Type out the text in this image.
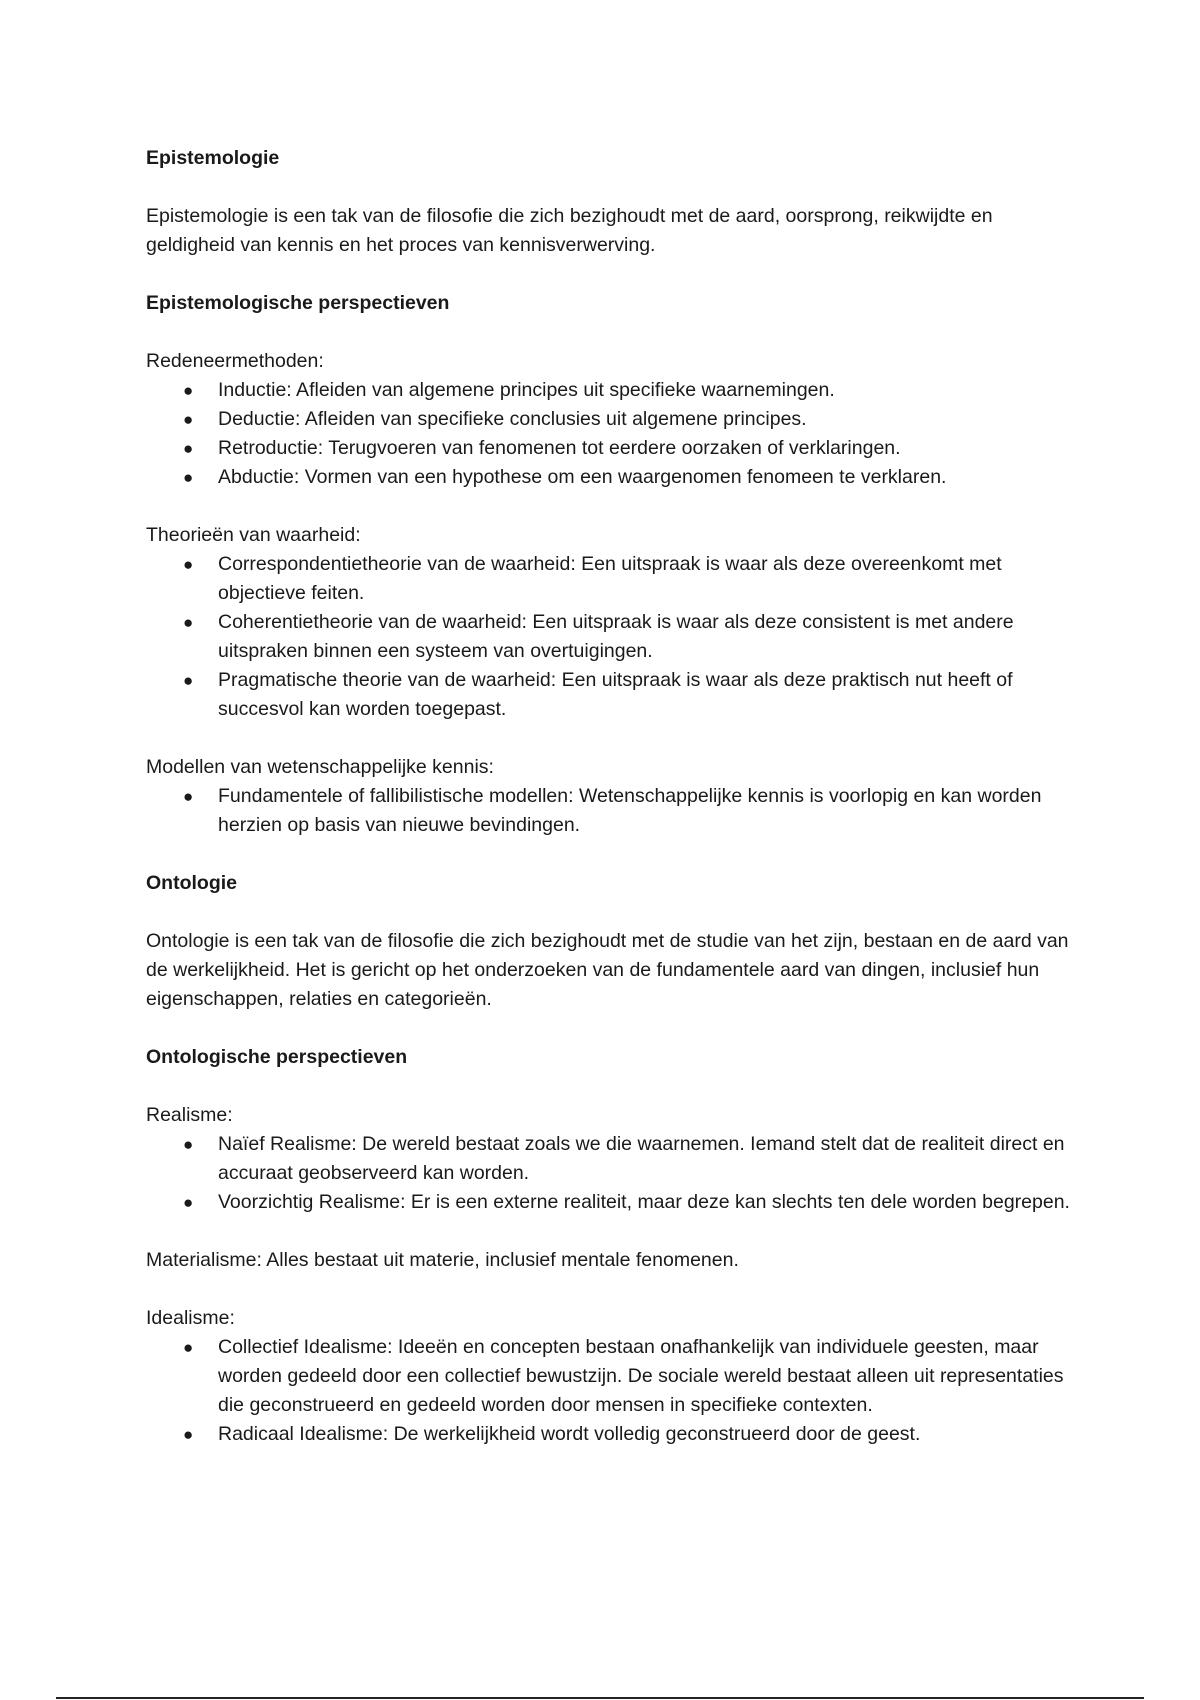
Epistemologie

Epistemologie is een tak van de filosofie die zich bezighoudt met de aard, oorsprong, reikwijdte en geldigheid van kennis en het proces van kennisverwerving.

Epistemologische perspectieven

Redeneermethoden:

● Inductie: Afleiden van algemene principes uit specifieke waarnemingen.
● Deductie: Afleiden van specifieke conclusies uit algemene principes.
● Retroductie: Terugvoeren van fenomenen tot eerdere oorzaken of verklaringen.
● Abductie: Vormen van een hypothese om een waargenomen fenomeen te verklaren.

Theorieën van waarheid:

● Correspondentietheorie van de waarheid: Een uitspraak is waar als deze overeenkomt met objectieve feiten.
● Coherentietheorie van de waarheid: Een uitspraak is waar als deze consistent is met andere uitspraken binnen een systeem van overtuigingen.
● Pragmatische theorie van de waarheid: Een uitspraak is waar als deze praktisch nut heeft of succesvol kan worden toegepast.

Modellen van wetenschappelijke kennis:

● Fundamentele of fallibilistische modellen: Wetenschappelijke kennis is voorlopig en kan worden herzien op basis van nieuwe bevindingen.
Ontologie

Ontologie is een tak van de filosofie die zich bezighoudt met de studie van het zijn, bestaan en de aard van de werkelijkheid. Het is gericht op het onderzoeken van de fundamentele aard van dingen, inclusief hun eigenschappen, relaties en categorieën.

Ontologische perspectieven

Realisme:

● Naïef Realisme: De wereld bestaat zoals we die waarnemen. Iemand stelt dat de realiteit direct en accuraat geobserveerd kan worden.
● Voorzichtig Realisme: Er is een externe realiteit, maar deze kan slechts ten dele worden begrepen.

Materialisme: Alles bestaat uit materie, inclusief mentale fenomenen.

Idealisme:

● Collectief Idealisme: Ideeën en concepten bestaan onafhankelijk van individuele geesten, maar worden gedeeld door een collectief bewustzijn. De sociale wereld bestaat alleen uit representaties die geconstrueerd en gedeeld worden door mensen in specifieke contexten.
● Radicaal Idealisme: De werkelijkheid wordt volledig geconstrueerd door de geest.
